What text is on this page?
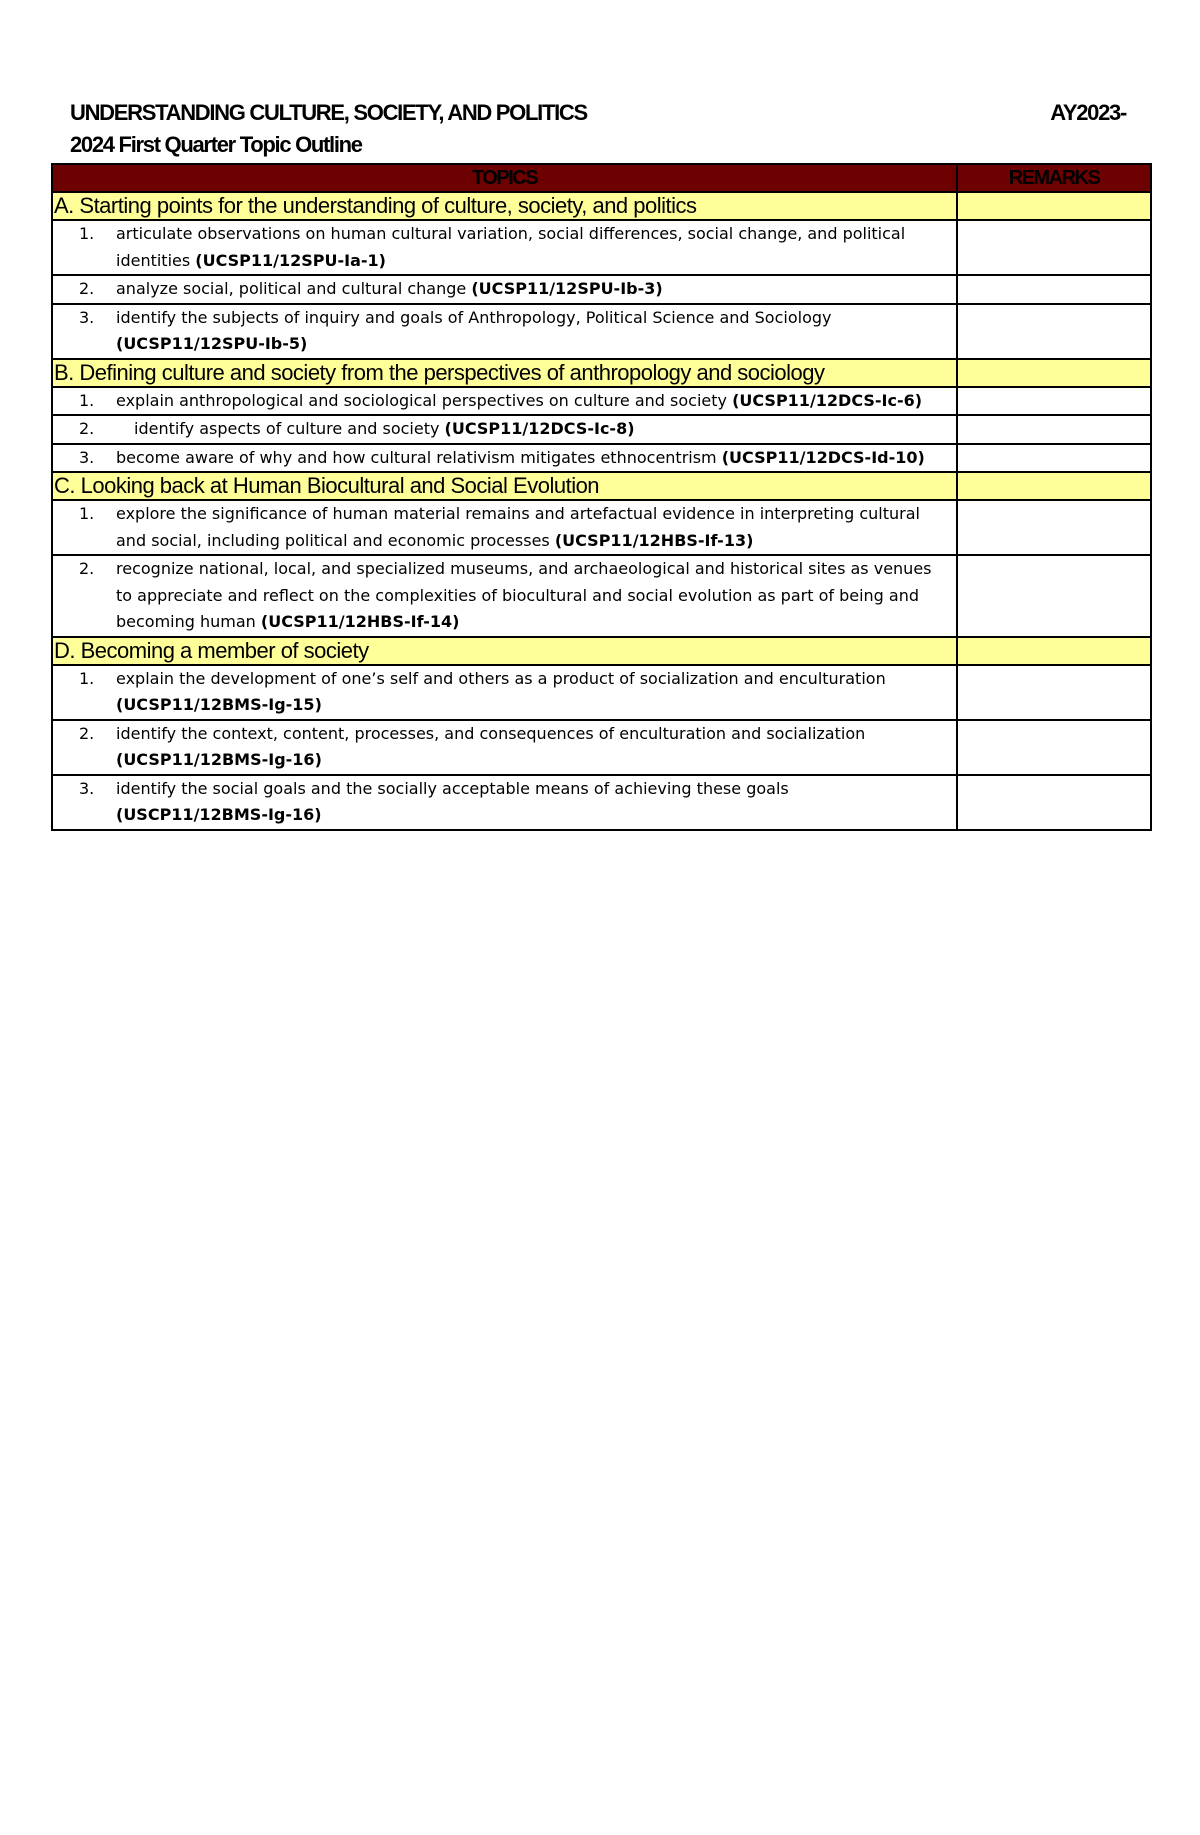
UNDERSTANDING CULTURE, SOCIETY, AND POLITICS	AY2023-
2024 First Quarter Topic Outline
TOPICS	REMARKS
A. Starting points for the understanding of culture, society, and politics	

1. articulate observations on human cultural variation, social differences, social change, and political identities (UCSP11/12SPU-Ia-1)	

2. analyze social, political and cultural change (UCSP11/12SPU-Ib-3)	

3. identify the subjects of inquiry and goals of Anthropology, Political Science and Sociology (UCSP11/12SPU-Ib-5)	

B. Defining culture and society from the perspectives of anthropology and sociology	

1. explain anthropological and sociological perspectives on culture and society (UCSP11/12DCS-Ic-6)	

2. identify aspects of culture and society (UCSP11/12DCS-Ic-8)	

3. become aware of why and how cultural relativism mitigates ethnocentrism (UCSP11/12DCS-Id-10)	

C. Looking back at Human Biocultural and Social Evolution	

1. explore the significance of human material remains and artefactual evidence in interpreting cultural and social, including political and economic processes (UCSP11/12HBS-If-13)	

2. recognize national, local, and specialized museums, and archaeological and historical sites as venues to appreciate and reflect on the complexities of biocultural and social evolution as part of being and becoming human (UCSP11/12HBS-If-14)	

D. Becoming a member of society	

1. explain the development of one’s self and others as a product of socialization and enculturation (UCSP11/12BMS-Ig-15)	

2. identify the context, content, processes, and consequences of enculturation and socialization (UCSP11/12BMS-Ig-16)	

3. identify the social goals and the socially acceptable means of achieving these goals (USCP11/12BMS-Ig-16)	
